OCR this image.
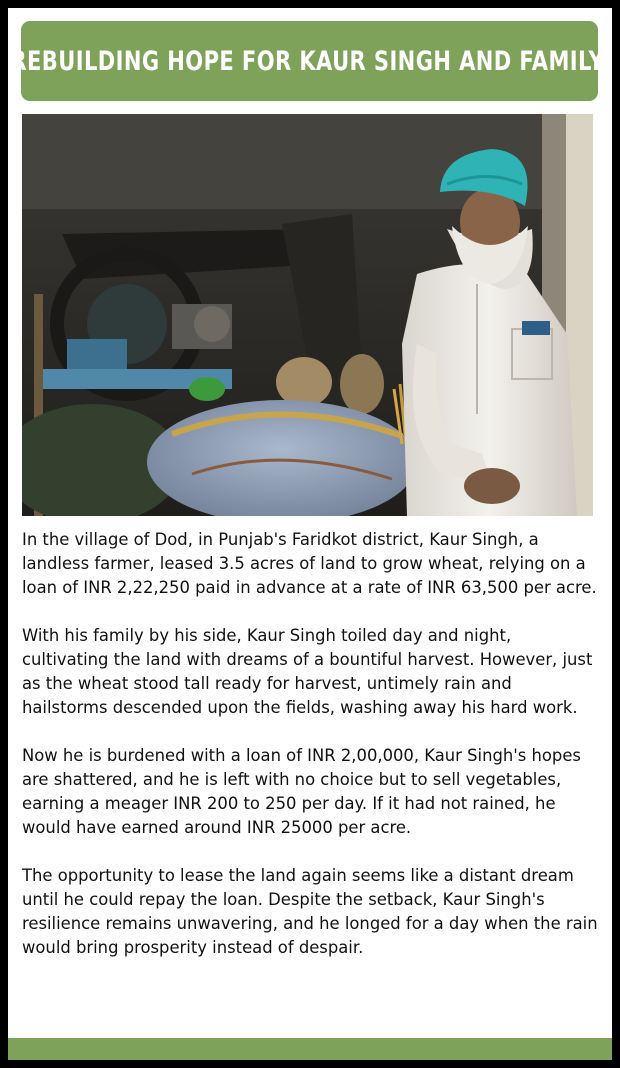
REBUILDING HOPE FOR KAUR SINGH AND FAMILY.

In the village of Dod, in Punjab's Faridkot district, Kaur Singh, a landless farmer, leased 3.5 acres of land to grow wheat, relying on a loan of INR 2,22,250 paid in advance at a rate of INR 63,500 per acre.

With his family by his side, Kaur Singh toiled day and night, cultivating the land with dreams of a bountiful harvest. However, just as the wheat stood tall ready for harvest, untimely rain and hailstorms descended upon the fields, washing away his hard work.

Now he is burdened with a loan of INR 2,00,000, Kaur Singh's hopes are shattered, and he is left with no choice but to sell vegetables, earning a meager INR 200 to 250 per day. If it had not rained, he would have earned around INR 25000 per acre.

The opportunity to lease the land again seems like a distant dream until he could repay the loan. Despite the setback, Kaur Singh's resilience remains unwavering, and he longed for a day when the rain would bring prosperity instead of despair.
